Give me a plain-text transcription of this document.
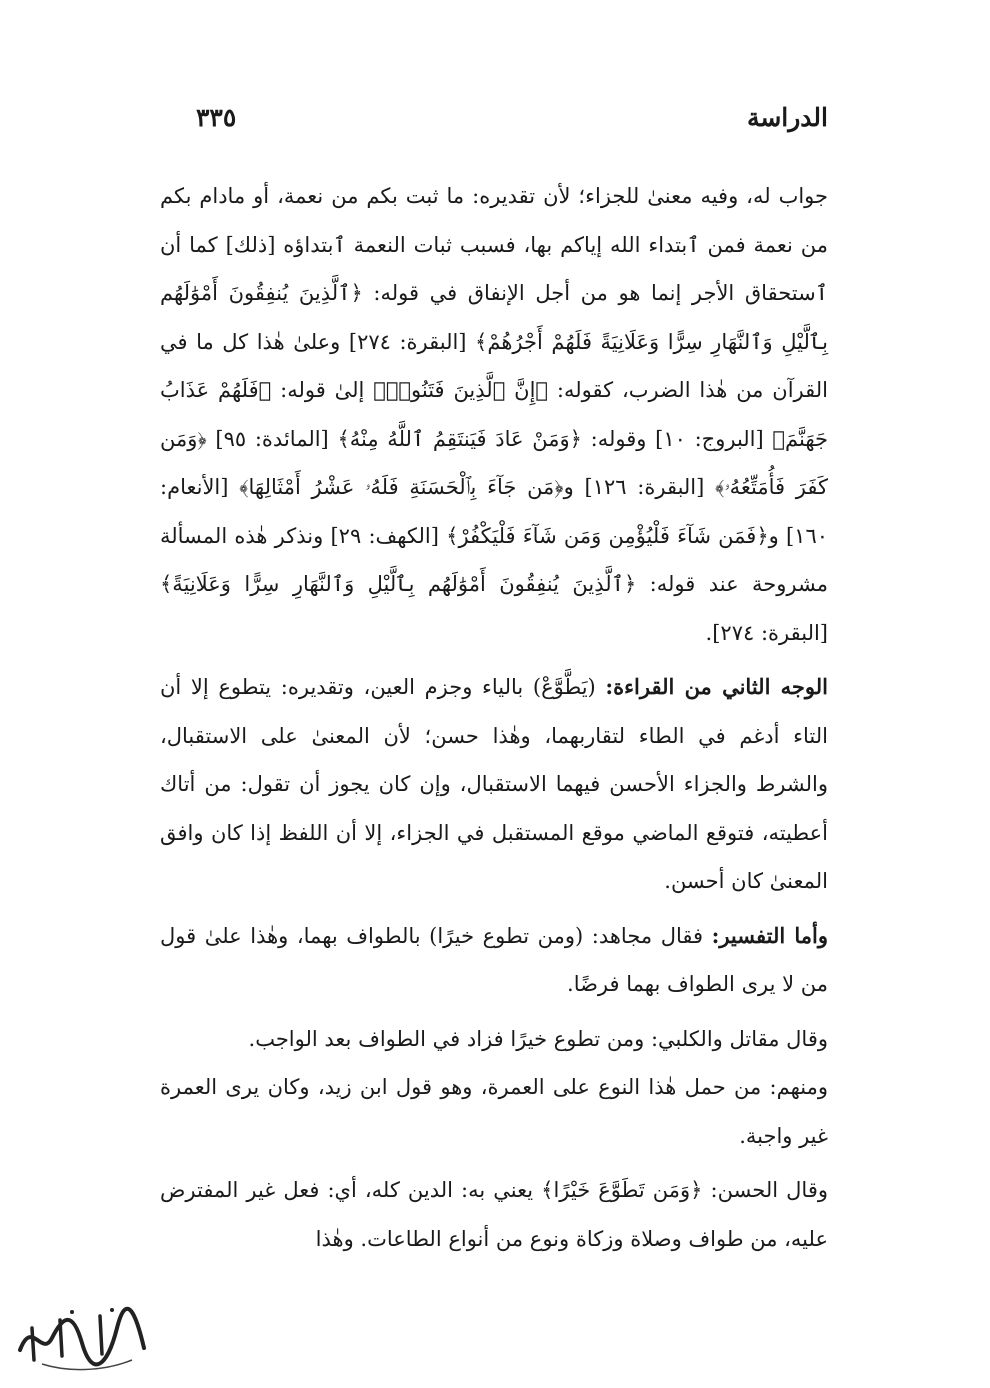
الدراسة
٣٣٥

جواب له، وفيه معنىٰ للجزاء؛ لأن تقديره: ما ثبت بكم من نعمة، أو مادام بكم من نعمة فمن ٱبتداء الله إياكم بها، فسبب ثبات النعمة ٱبتداؤه [ذلك] كما أن ٱستحقاق الأجر إنما هو من أجل الإنفاق في قوله: ﴿ٱلَّذِينَ يُنفِقُونَ أَمْوَٰلَهُم بِٱلَّيْلِ وَٱلنَّهَارِ سِرًّا وَعَلَانِيَةً فَلَهُمْ أَجْرُهُمْ﴾ [البقرة: ٢٧٤] وعلىٰ هٰذا كل ما في القرآن من هٰذا الضرب، كقوله: ﴿إِنَّ ٱلَّذِينَ فَتَنُوا۟﴾ إلىٰ قوله: ﴿فَلَهُمْ عَذَابُ جَهَنَّمَ﴾ [البروج: ١٠] وقوله: ﴿وَمَنْ عَادَ فَيَنتَقِمُ ٱللَّهُ مِنْهُ﴾ [المائدة: ٩٥] ﴿وَمَن كَفَرَ فَأُمَتِّعُهُۥ﴾ [البقرة: ١٢٦] و﴿مَن جَآءَ بِٱلْحَسَنَةِ فَلَهُۥ عَشْرُ أَمْثَالِهَا﴾ [الأنعام: ١٦٠] و﴿فَمَن شَآءَ فَلْيُؤْمِن وَمَن شَآءَ فَلْيَكْفُرْ﴾ [الكهف: ٢٩] ونذكر هٰذه المسألة مشروحة عند قوله: ﴿ٱلَّذِينَ يُنفِقُونَ أَمْوَٰلَهُم بِٱلَّيْلِ وَٱلنَّهَارِ سِرًّا وَعَلَانِيَةً﴾ [البقرة: ٢٧٤].

الوجه الثاني من القراءة: (يَطَّوَّعْ) بالياء وجزم العين، وتقديره: يتطوع إلا أن التاء أدغم في الطاء لتقاربهما، وهٰذا حسن؛ لأن المعنىٰ على الاستقبال، والشرط والجزاء الأحسن فيهما الاستقبال، وإن كان يجوز أن تقول: من أتاك أعطيته، فتوقع الماضي موقع المستقبل في الجزاء، إلا أن اللفظ إذا كان وافق المعنىٰ كان أحسن.

وأما التفسير: فقال مجاهد: (ومن تطوع خيرًا) بالطواف بهما، وهٰذا علىٰ قول من لا يرى الطواف بهما فرضًا.

وقال مقاتل والكلبي: ومن تطوع خيرًا فزاد في الطواف بعد الواجب.

ومنهم: من حمل هٰذا النوع على العمرة، وهو قول ابن زيد، وكان يرى العمرة غير واجبة.

وقال الحسن: ﴿وَمَن تَطَوَّعَ خَيْرًا﴾ يعني به: الدين كله، أي: فعل غير المفترض عليه، من طواف وصلاة وزكاة ونوع من أنواع الطاعات. وهٰذا
